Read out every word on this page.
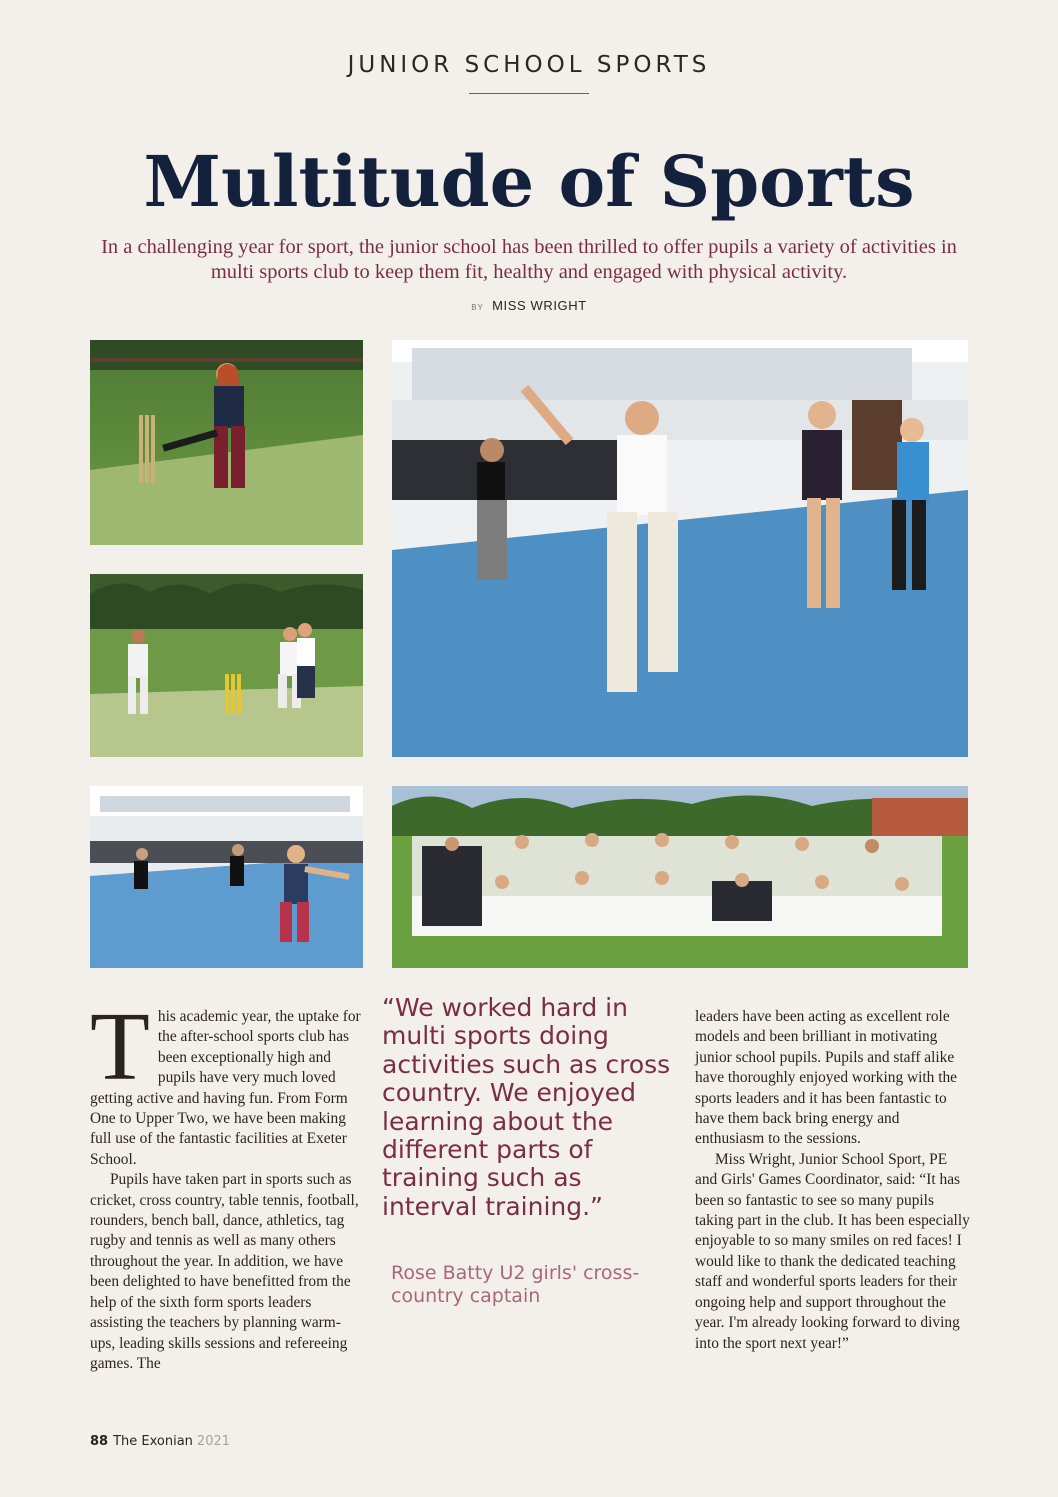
JUNIOR SCHOOL SPORTS
Multitude of Sports
In a challenging year for sport, the junior school has been thrilled to offer pupils a variety of activities in multi sports club to keep them fit, healthy and engaged with physical activity.
BY MISS WRIGHT

This academic year, the uptake for the after-school sports club has been exceptionally high and pupils have very much loved getting active and having fun. From Form One to Upper Two, we have been making full use of the fantastic facilities at Exeter School.

Pupils have taken part in sports such as cricket, cross country, table tennis, football, rounders, bench ball, dance, athletics, tag rugby and tennis as well as many others throughout the year. In addition, we have been delighted to have benefitted from the help of the sixth form sports leaders assisting the teachers by planning warm-ups, leading skills sessions and refereeing games. The

“We worked hard in multi sports doing activities such as cross country. We enjoyed learning about the different parts of training such as interval training.”
Rose Batty U2 girls' cross-country captain

leaders have been acting as excellent role models and been brilliant in motivating junior school pupils. Pupils and staff alike have thoroughly enjoyed working with the sports leaders and it has been fantastic to have them back bring energy and enthusiasm to the sessions.

Miss Wright, Junior School Sport, PE and Girls' Games Coordinator, said: “It has been so fantastic to see so many pupils taking part in the club. It has been especially enjoyable to so many smiles on red faces! I would like to thank the dedicated teaching staff and wonderful sports leaders for their ongoing help and support throughout the year. I'm already looking forward to diving into the sport next year!”

88 The Exonian 2021
